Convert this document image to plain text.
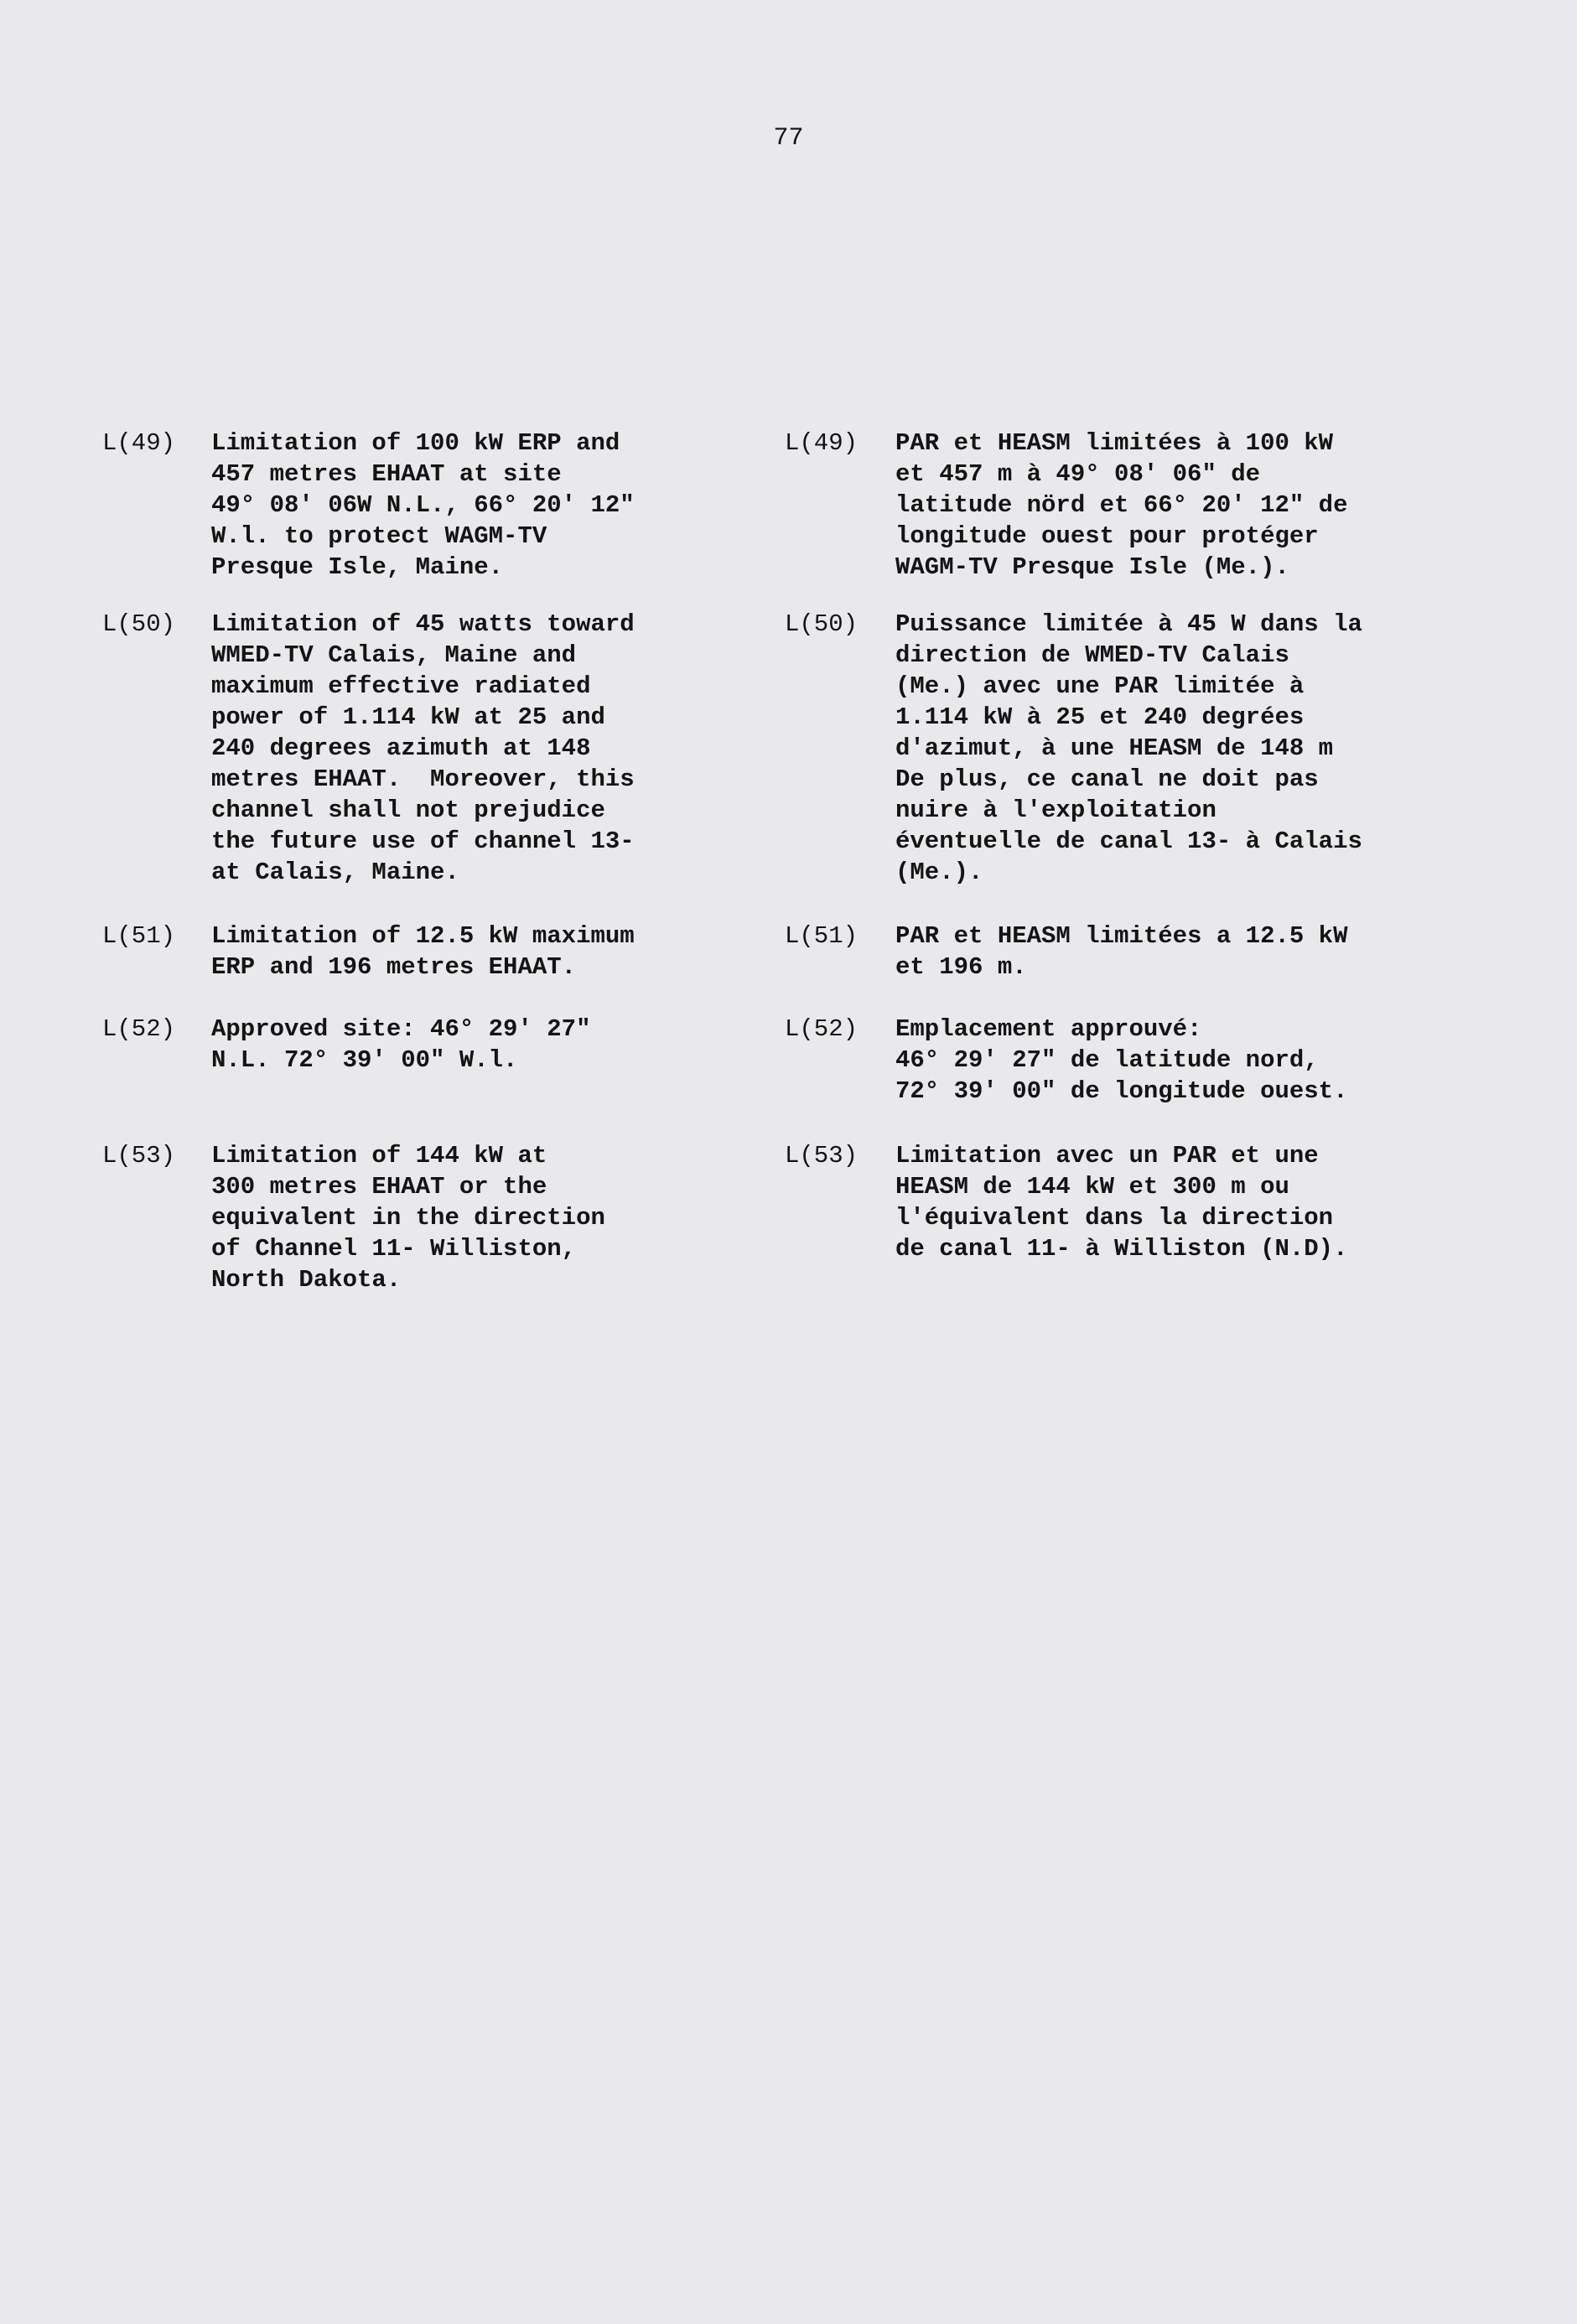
77
L(49) Limitation of 100 kW ERP and
457 metres EHAAT at site
49° 08' 06W N.L., 66° 20' 12"
W.l. to protect WAGM-TV
Presque Isle, Maine.
L(50) Limitation of 45 watts toward
WMED-TV Calais, Maine and
maximum effective radiated
power of 1.114 kW at 25 and
240 degrees azimuth at 148
metres EHAAT.  Moreover, this
channel shall not prejudice
the future use of channel 13-
at Calais, Maine.
L(51) Limitation of 12.5 kW maximum
ERP and 196 metres EHAAT.
L(52) Approved site: 46° 29' 27"
N.L. 72° 39' 00" W.l.
L(53) Limitation of 144 kW at
300 metres EHAAT or the
equivalent in the direction
of Channel 11- Williston,
North Dakota.
L(49) PAR et HEASM limitées à 100 kW
et 457 m à 49° 08' 06" de
latitude nörd et 66° 20' 12" de
longitude ouest pour protéger
WAGM-TV Presque Isle (Me.).
L(50) Puissance limitée à 45 W dans la
direction de WMED-TV Calais
(Me.) avec une PAR limitée à
1.114 kW à 25 et 240 degrées
d'azimut, à une HEASM de 148 m
De plus, ce canal ne doit pas
nuire à l'exploitation
éventuelle de canal 13- à Calais
(Me.).
L(51) PAR et HEASM limitées a 12.5 kW
et 196 m.
L(52) Emplacement approuvé:
46° 29' 27" de latitude nord,
72° 39' 00" de longitude ouest.
L(53) Limitation avec un PAR et une
HEASM de 144 kW et 300 m ou
l'équivalent dans la direction
de canal 11- à Williston (N.D).
